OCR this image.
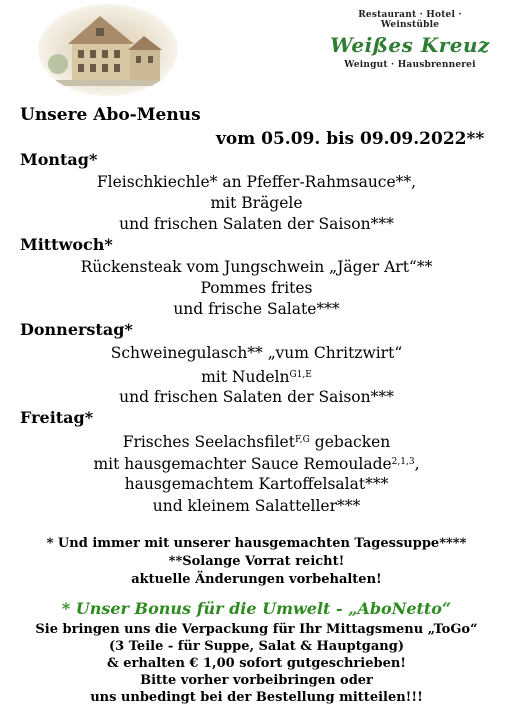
Restaurant · Hotel · Weinstüble
Weißes Kreuz
Weingut · Hausbrennerei
Unsere Abo-Menus
vom 05.09. bis 09.09.2022**
Montag*
Fleischkiechle* an Pfeffer-Rahmsauce**,
mit Brägele
und frischen Salaten der Saison***
Mittwoch*
Rückensteak vom Jungschwein „Jäger Art“**
Pommes frites
und frische Salate***
Donnerstag*
Schweinegulasch** „vum Chritzwirt“
mit Nudeln$^{G1,E}$
und frischen Salaten der Saison***
Freitag*
Frisches Seelachsfilet$^{F,G}$ gebacken
mit hausgemachter Sauce Remoulade$^{2,1,3}$,
hausgemachtem Kartoffelsalat***
und kleinem Salatteller***
* Und immer mit unserer hausgemachten Tagessuppe****
**Solange Vorrat reicht!
aktuelle Änderungen vorbehalten!
* Unser Bonus für die Umwelt - „AboNetto“
Sie bringen uns die Verpackung für Ihr Mittagsmenu „ToGo“
(3 Teile - für Suppe, Salat & Hauptgang)
& erhalten € 1,00 sofort gutgeschrieben!
Bitte vorher vorbeibringen oder
uns unbedingt bei der Bestellung mitteilen!!!
